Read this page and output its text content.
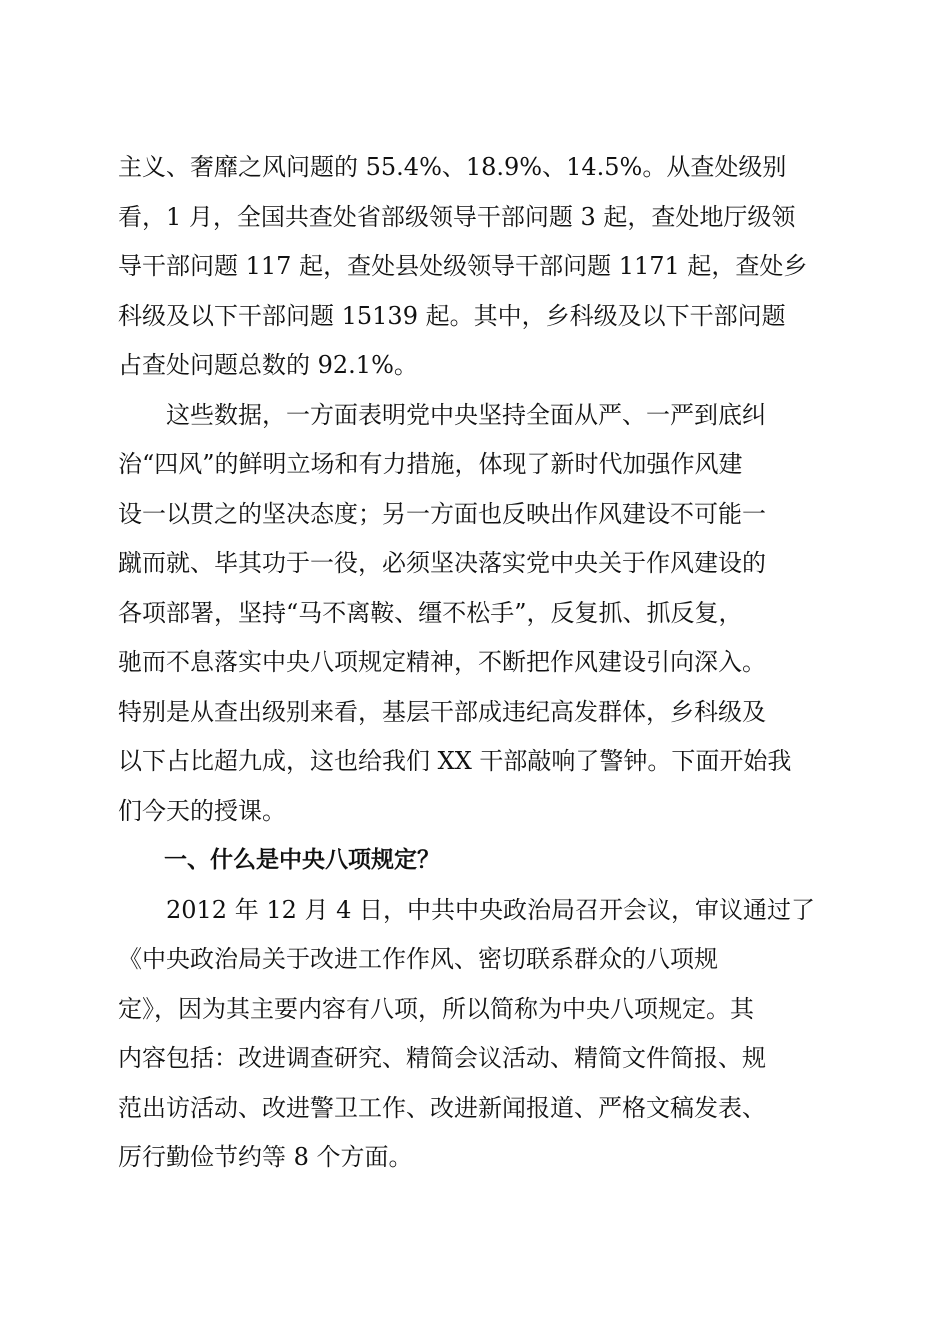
主义、奢靡之风问题的 55.4%、18.9%、14.5%。从查处级别
看，1 月，全国共查处省部级领导干部问题 3 起，查处地厅级领
导干部问题 117 起，查处县处级领导干部问题 1171 起，查处乡
科级及以下干部问题 15139 起。其中，乡科级及以下干部问题
占查处问题总数的 92.1%。
　　这些数据，一方面表明党中央坚持全面从严、一严到底纠
治“四风”的鲜明立场和有力措施，体现了新时代加强作风建
设一以贯之的坚决态度；另一方面也反映出作风建设不可能一
蹴而就、毕其功于一役，必须坚决落实党中央关于作风建设的
各项部署，坚持“马不离鞍、缰不松手”，反复抓、抓反复，
驰而不息落实中央八项规定精神，不断把作风建设引向深入。
特别是从查出级别来看，基层干部成违纪高发群体，乡科级及
以下占比超九成，这也给我们 XX 干部敲响了警钟。下面开始我
们今天的授课。
　　一、什么是中央八项规定？
　　2012 年 12 月 4 日，中共中央政治局召开会议，审议通过了
《中央政治局关于改进工作作风、密切联系群众的八项规
定》，因为其主要内容有八项，所以简称为中央八项规定。其
内容包括：改进调查研究、精简会议活动、精简文件简报、规
范出访活动、改进警卫工作、改进新闻报道、严格文稿发表、
厉行勤俭节约等 8 个方面。
